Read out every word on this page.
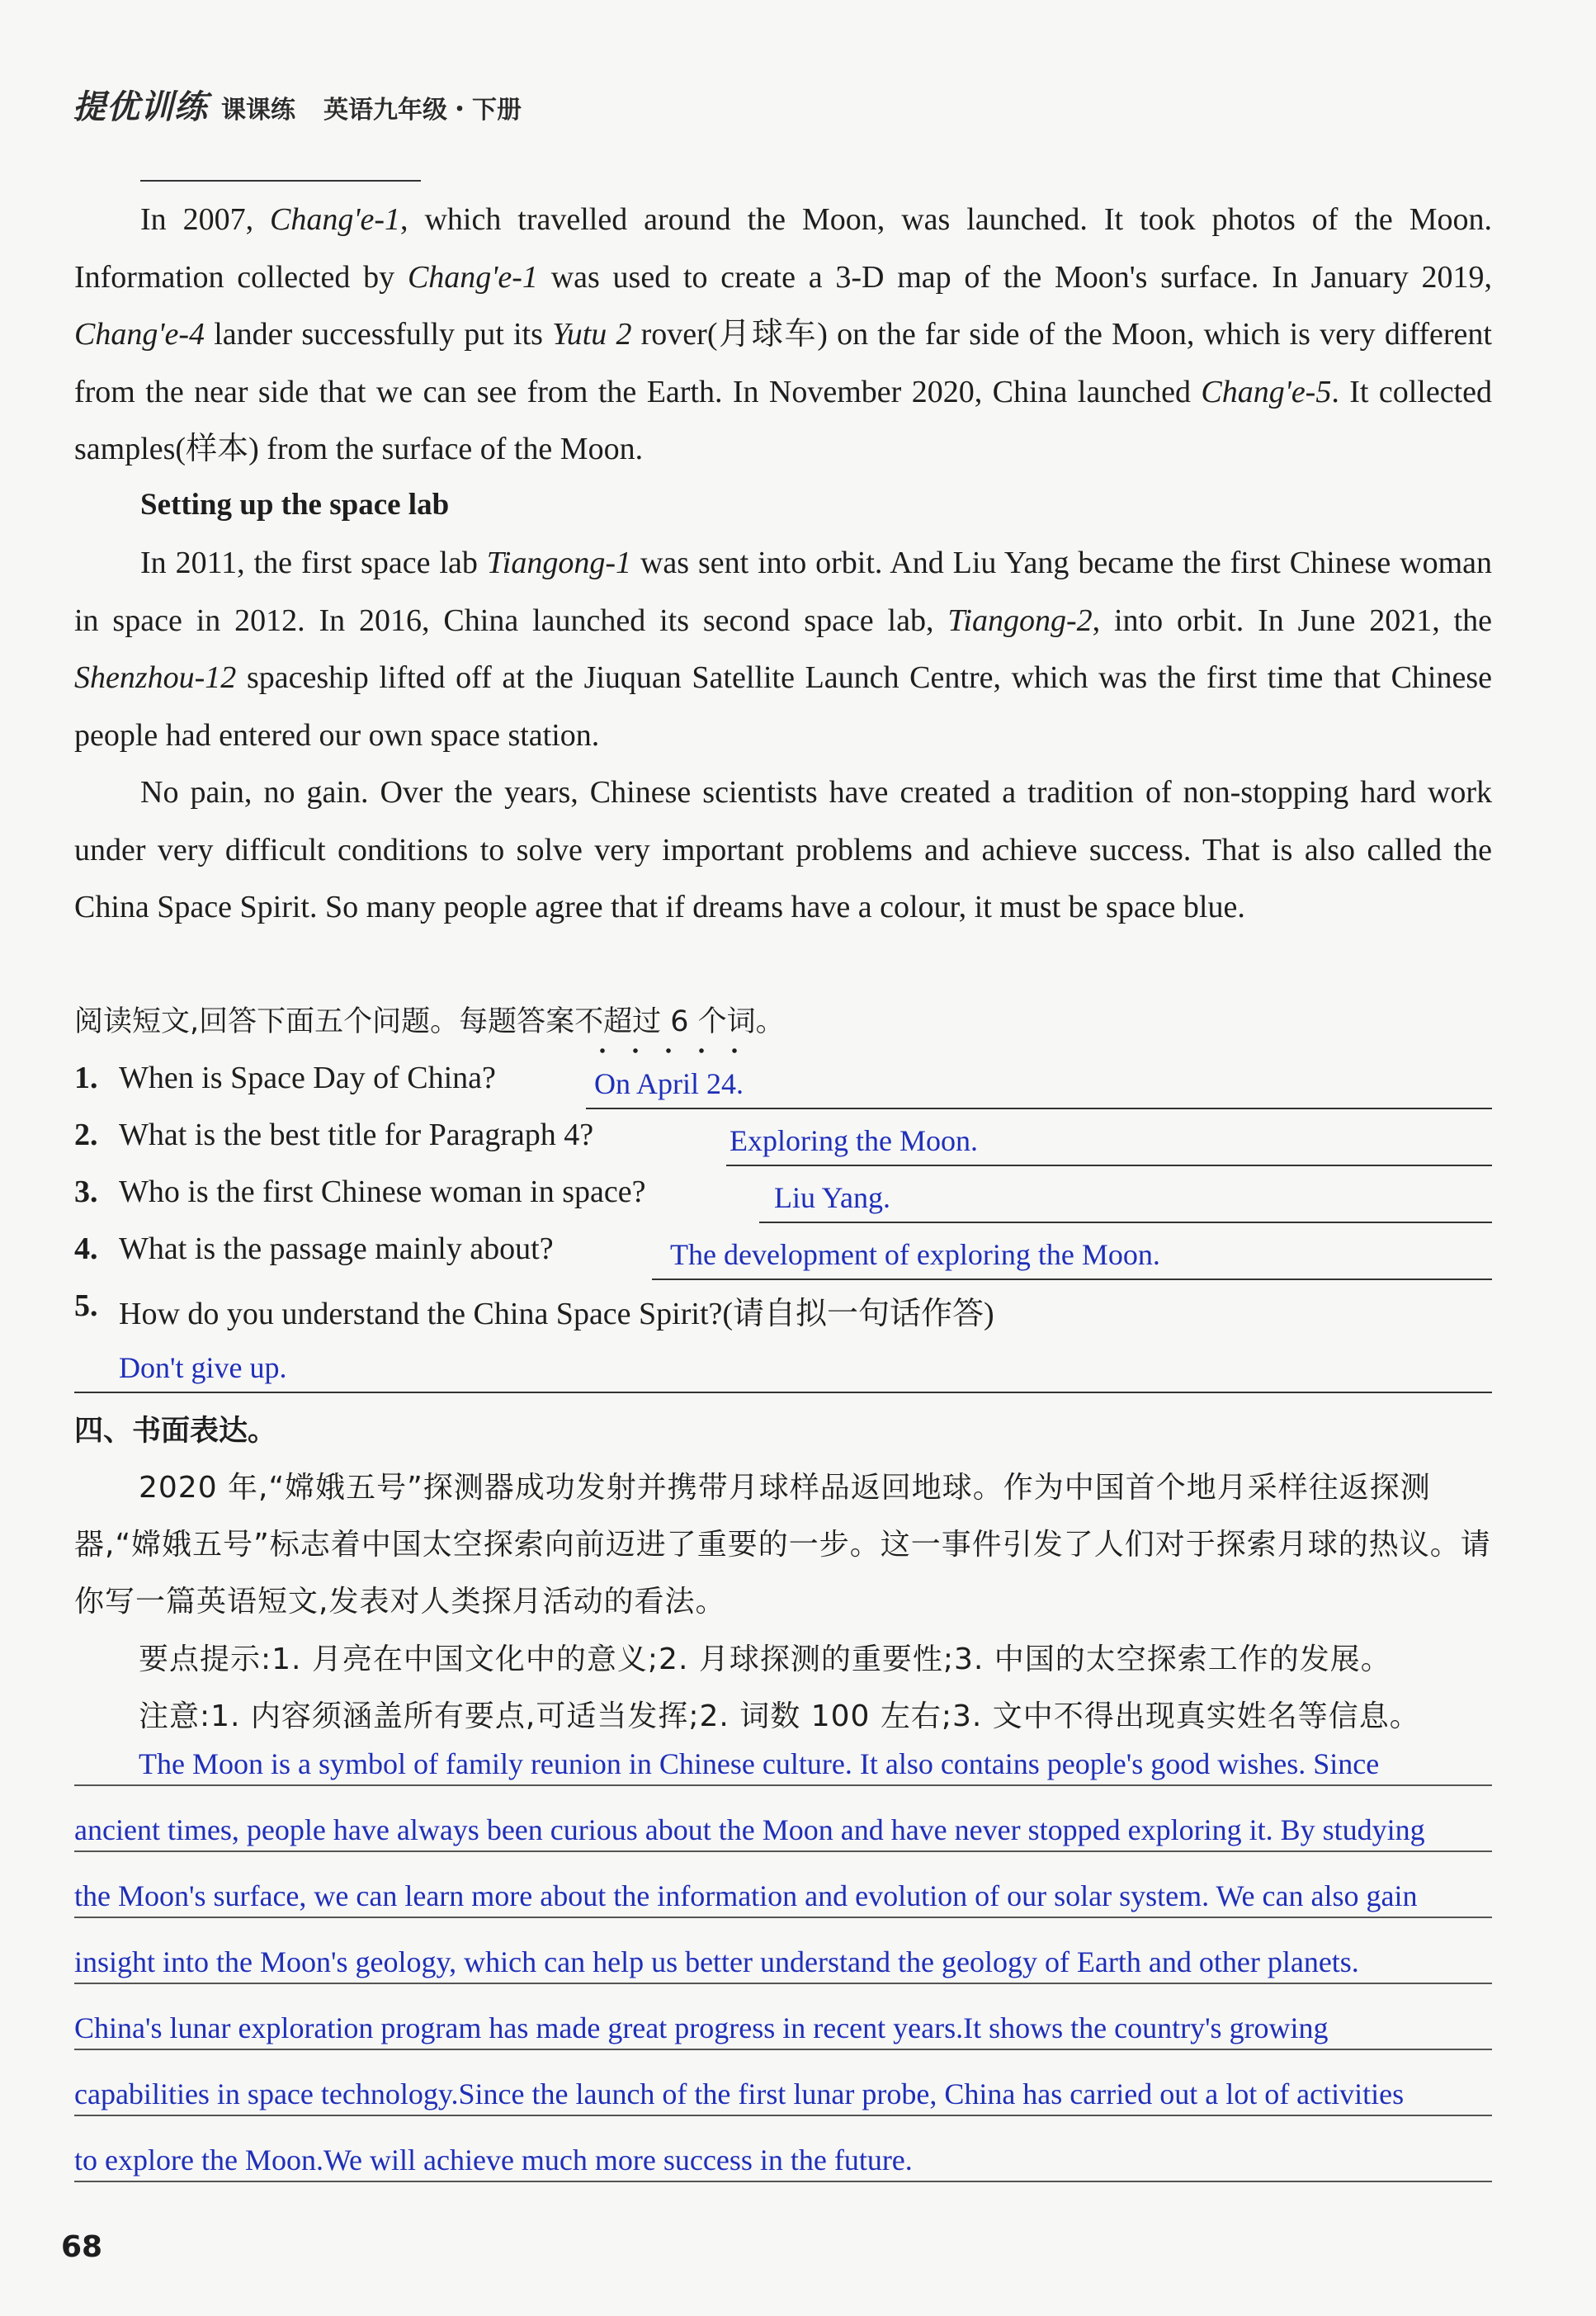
提优训练 课课练 英语九年级・下册

In 2007, Chang'e-1, which travelled around the Moon, was launched. It took photos of the Moon. Information collected by Chang'e-1 was used to create a 3-D map of the Moon's surface. In January 2019, Chang'e-4 lander successfully put its Yutu 2 rover(月球车) on the far side of the Moon, which is very different from the near side that we can see from the Earth. In November 2020, China launched Chang'e-5. It collected samples(样本) from the surface of the Moon.

Setting up the space lab

In 2011, the first space lab Tiangong-1 was sent into orbit. And Liu Yang became the first Chinese woman in space in 2012. In 2016, China launched its second space lab, Tiangong-2, into orbit. In June 2021, the Shenzhou-12 spaceship lifted off at the Jiuquan Satellite Launch Centre, which was the first time that Chinese people had entered our own space station.

No pain, no gain. Over the years, Chinese scientists have created a tradition of non-stopping hard work under very difficult conditions to solve very important problems and achieve success. That is also called the China Space Spirit. So many people agree that if dreams have a colour, it must be space blue.

阅读短文,回答下面五个问题。每题答案不超过 6 个词。
1. When is Space Day of China?	On April 24.
2. What is the best title for Paragraph 4?	Exploring the Moon.
3. Who is the first Chinese woman in space?	Liu Yang.
4. What is the passage mainly about?	The development of exploring the Moon.
5. How do you understand the China Space Spirit?(请自拟一句话作答)
Don't give up.
四、书面表达。

2020 年,“嫦娥五号”探测器成功发射并携带月球样品返回地球。作为中国首个地月采样往返探测器,“嫦娥五号”标志着中国太空探索向前迈进了重要的一步。这一事件引发了人们对于探索月球的热议。请你写一篇英语短文,发表对人类探月活动的看法。

要点提示:1. 月亮在中国文化中的意义;2. 月球探测的重要性;3. 中国的太空探索工作的发展。

注意:1. 内容须涵盖所有要点,可适当发挥;2. 词数 100 左右;3. 文中不得出现真实姓名等信息。

The Moon is a symbol of family reunion in Chinese culture. It also contains people's good wishes. Since
ancient times, people have always been curious about the Moon and have never stopped exploring it. By studying
the Moon's surface, we can learn more about the information and evolution of our solar system. We can also gain
insight into the Moon's geology, which can help us better understand the geology of Earth and other planets.
China's lunar exploration program has made great progress in recent years.It shows the country's growing
capabilities in space technology.Since the launch of the first lunar probe, China has carried out a lot of activities
to explore the Moon.We will achieve much more success in the future.
68
